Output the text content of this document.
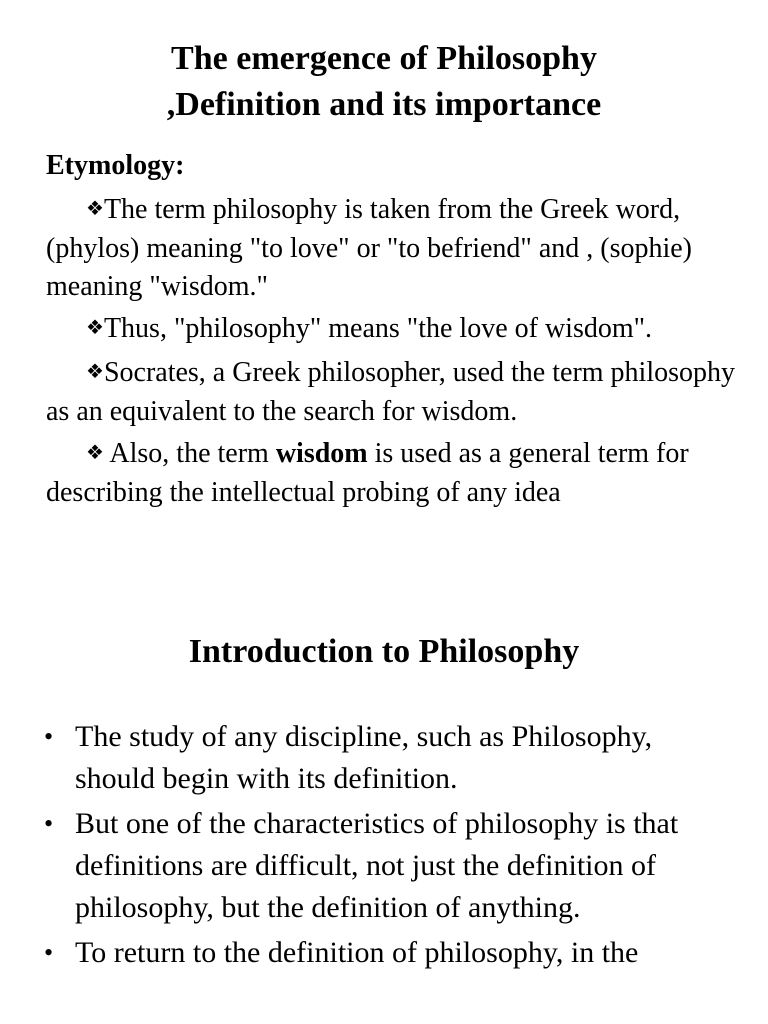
The emergence of Philosophy
,Definition and its importance

Etymology:

❖The term philosophy is taken from the Greek word, (phylos) meaning "to love" or "to befriend" and , (sophie) meaning "wisdom."

❖Thus, "philosophy" means "the love of wisdom".

❖Socrates, a Greek philosopher, used the term philosophy as an equivalent to the search for wisdom.

❖ Also, the term wisdom is used as a general term for describing the intellectual probing of any idea

Introduction to Philosophy
• The study of any discipline, such as Philosophy, should begin with its definition.
• But one of the characteristics of philosophy is that definitions are difficult, not just the definition of philosophy, but the definition of anything.
• To return to the definition of philosophy, in the
